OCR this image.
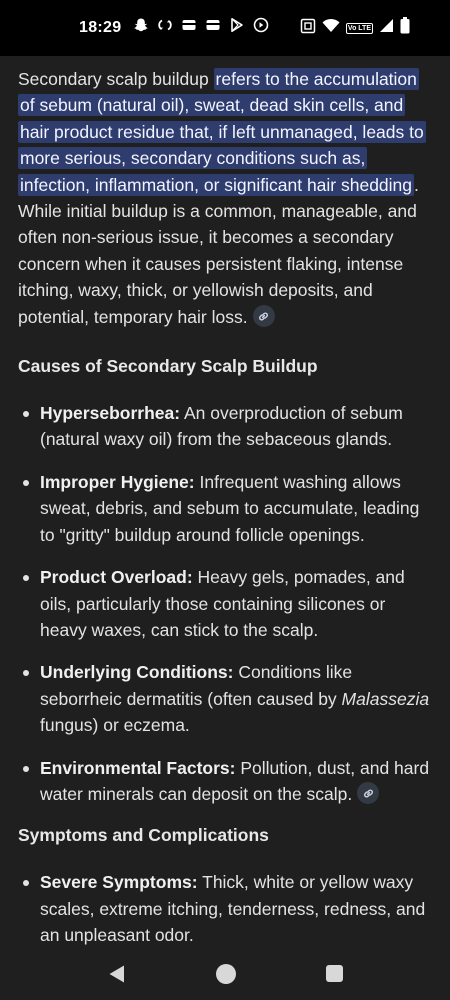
18:29	Vo LTE

Secondary scalp buildup refers to the accumulation of sebum (natural oil), sweat, dead skin cells, and hair product residue that, if left unmanaged, leads to more serious, secondary conditions such as, infection, inflammation, or significant hair shedding . While initial buildup is a common, manageable, and often non-serious issue, it becomes a secondary concern when it causes persistent flaking, intense itching, waxy, thick, or yellowish deposits, and potential, temporary hair loss.

Causes of Secondary Scalp Buildup
Hyperseborrhea: An overproduction of sebum (natural waxy oil) from the sebaceous glands.
Improper Hygiene: Infrequent washing allows sweat, debris, and sebum to accumulate, leading to "gritty" buildup around follicle openings.
Product Overload: Heavy gels, pomades, and oils, particularly those containing silicones or heavy waxes, can stick to the scalp.
Underlying Conditions: Conditions like seborrheic dermatitis (often caused by Malassezia fungus) or eczema.
Environmental Factors: Pollution, dust, and hard water minerals can deposit on the scalp.
Symptoms and Complications
Severe Symptoms: Thick, white or yellow waxy scales, extreme itching, tenderness, redness, and an unpleasant odor.
